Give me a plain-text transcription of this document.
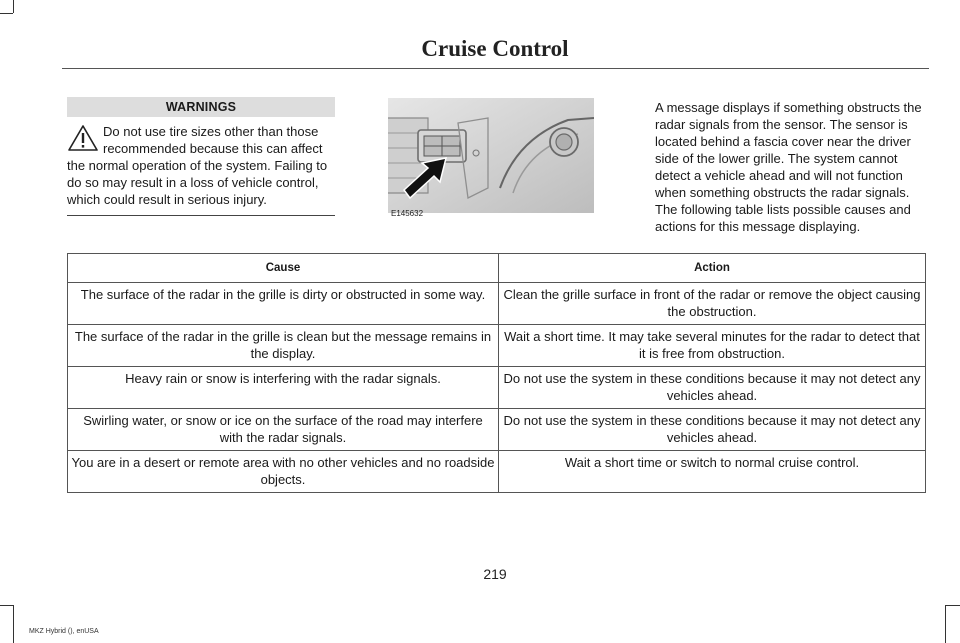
Cruise Control
WARNINGS
Do not use tire sizes other than those recommended because this can affect the normal operation of the system. Failing to do so may result in a loss of vehicle control, which could result in serious injury.
E145632
A message displays if something obstructs the radar signals from the sensor. The sensor is located behind a fascia cover near the driver side of the lower grille. The system cannot detect a vehicle ahead and will not function when something obstructs the radar signals. The following table lists possible causes and actions for this message displaying.
Cause	Action
The surface of the radar in the grille is dirty or obstructed in some way.	Clean the grille surface in front of the radar or remove the object causing the obstruction.
The surface of the radar in the grille is clean but the message remains in the display.	Wait a short time. It may take several minutes for the radar to detect that it is free from obstruction.
Heavy rain or snow is interfering with the radar signals.	Do not use the system in these conditions because it may not detect any vehicles ahead.
Swirling water, or snow or ice on the surface of the road may interfere with the radar signals.	Do not use the system in these conditions because it may not detect any vehicles ahead.
You are in a desert or remote area with no other vehicles and no roadside objects.	Wait a short time or switch to normal cruise control.
219
MKZ Hybrid (), enUSA
